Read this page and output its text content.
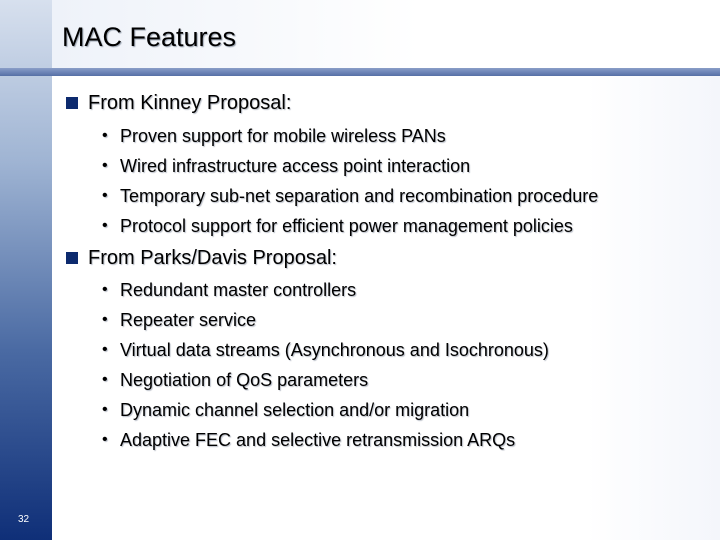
MAC Features
From Kinney Proposal:
• Proven support for mobile wireless PANs
• Wired infrastructure access point interaction
• Temporary sub-net separation and recombination procedure
• Protocol support for efficient power management policies
From Parks/Davis Proposal:
• Redundant master controllers
• Repeater service
• Virtual data streams (Asynchronous and Isochronous)
• Negotiation of QoS parameters
• Dynamic channel selection and/or migration
• Adaptive FEC and selective retransmission ARQs
32
